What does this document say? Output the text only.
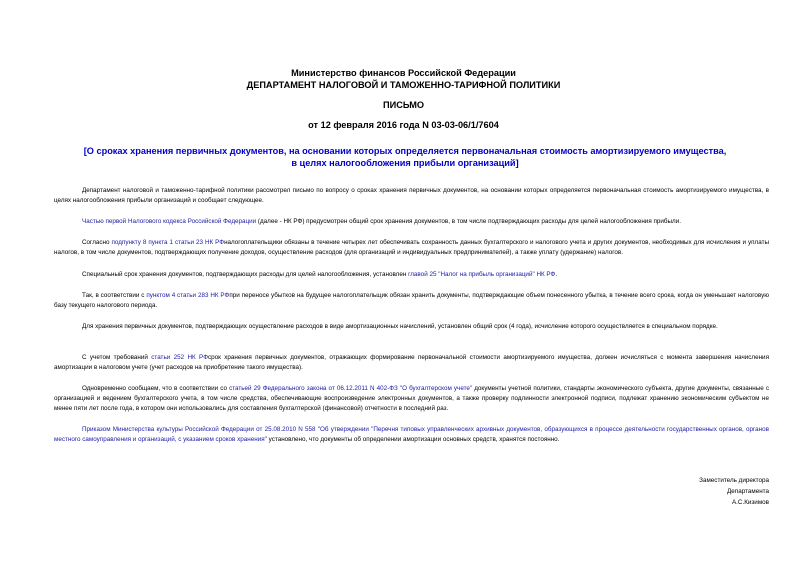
Министерство финансов Российской Федерации
ДЕПАРТАМЕНТ НАЛОГОВОЙ И ТАМОЖЕННО-ТАРИФНОЙ ПОЛИТИКИ
ПИСЬМО
от 12 февраля 2016 года N 03-03-06/1/7604
[О сроках хранения первичных документов, на основании которых определяется первоначальная стоимость амортизируемого имущества, в целях налогообложения прибыли организаций]
Департамент налоговой и таможенно-тарифной политики рассмотрел письмо по вопросу о сроках хранения первичных документов, на основании которых определяется первоначальная стоимость амортизируемого имущества, в целях налогообложения прибыли организаций и сообщает следующее.
Частью первой Налогового кодекса Российской Федерации (далее - НК РФ) предусмотрен общий срок хранения документов, в том числе подтверждающих расходы для целей налогообложения прибыли.
Согласно подпункту 8 пункта 1 статьи 23 НК РФналогоплательщики обязаны в течение четырех лет обеспечивать сохранность данных бухгалтерского и налогового учета и других документов, необходимых для исчисления и уплаты налогов, в том числе документов, подтверждающих получение доходов, осуществление расходов (для организаций и индивидуальных предпринимателей), а также уплату (удержание) налогов.
Специальный срок хранения документов, подтверждающих расходы для целей налогообложения, установлен главой 25 "Налог на прибыль организаций" НК РФ.
Так, в соответствии с пунктом 4 статьи 283 НК РФпри переносе убытков на будущее налогоплательщик обязан хранить документы, подтверждающие объем понесенного убытка, в течение всего срока, когда он уменьшает налоговую базу текущего налогового периода.
Для хранения первичных документов, подтверждающих осуществление расходов в виде амортизационных начислений, установлен общий срок (4 года), исчисление которого осуществляется в специальном порядке.
С учетом требований статьи 252 НК РФсрок хранения первичных документов, отражающих формирование первоначальной стоимости амортизируемого имущества, должен исчисляться с момента завершения начисления амортизации в налоговом учете (учет расходов на приобретение такого имущества).
Одновременно сообщаем, что в соответствии со статьей 29 Федерального закона от 06.12.2011 N 402-ФЗ "О бухгалтерском учете" документы учетной политики, стандарты экономического субъекта, другие документы, связанные с организацией и ведением бухгалтерского учета, в том числе средства, обеспечивающие воспроизведение электронных документов, а также проверку подлинности электронной подписи, подлежат хранению экономическим субъектом не менее пяти лет после года, в котором они использовались для составления бухгалтерской (финансовой) отчетности в последний раз.
Приказом Министерства культуры Российской Федерации от 25.08.2010 N 558 "Об утверждении "Перечня типовых управленческих архивных документов, образующихся в процессе деятельности государственных органов, органов местного самоуправления и организаций, с указанием сроков хранения" установлено, что документы об определении амортизации основных средств, хранятся постоянно.
Заместитель директора
Департамента
А.С.Кизимов
